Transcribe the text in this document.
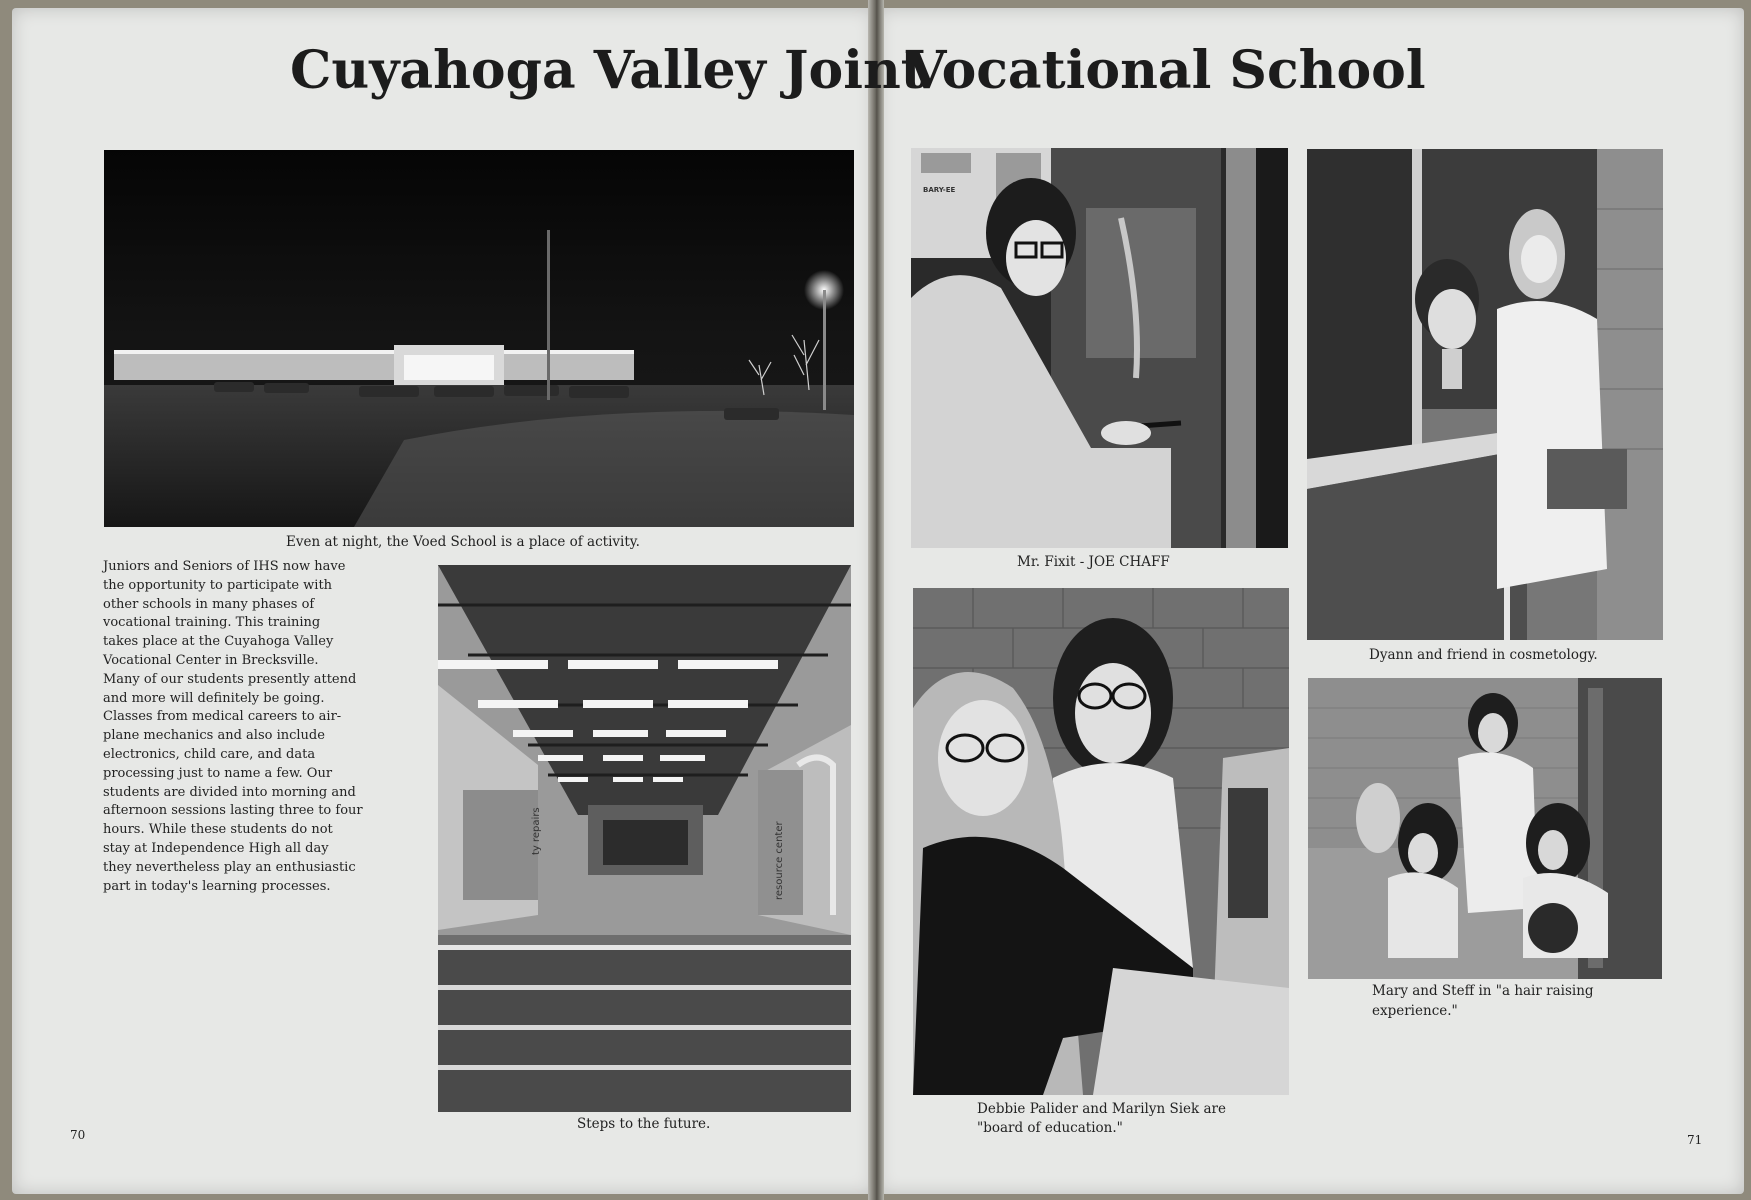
Cuyahoga Valley Joint
Vocational School
Even at night, the Voed School is a place of activity.
Juniors and Seniors of IHS now have
the opportunity to participate with
other schools in many phases of
vocational training. This training
takes place at the Cuyahoga Valley
Vocational Center in Brecksville.
Many of our students presently attend
and more will definitely be going.
Classes from medical careers to air-
plane mechanics and also include
electronics, child care, and data
processing just to name a few. Our
students are divided into morning and
afternoon sessions lasting three to four
hours. While these students do not
stay at Independence High all day
they nevertheless play an enthusiastic
part in today's learning processes.
ty repairs	resource center
Steps to the future.
BARY-EE
Mr. Fixit - JOE CHAFF
Dyann and friend in cosmetology.
Debbie Palider and Marilyn Siek are
"board of education."
Mary and Steff in "a hair raising
experience."
70	71
